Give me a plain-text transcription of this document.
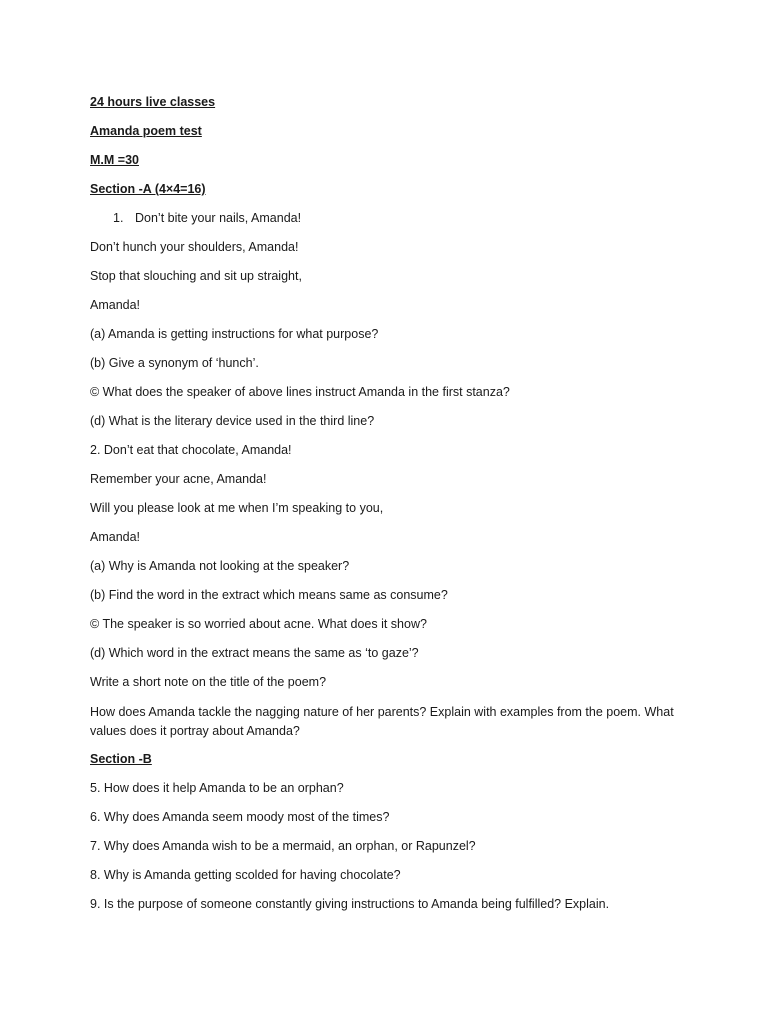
24 hours live classes
Amanda poem test
M.M =30
Section -A (4×4=16)
1. Don’t bite your nails, Amanda!
Don’t hunch your shoulders, Amanda!
Stop that slouching and sit up straight,
Amanda!
(a) Amanda is getting instructions for what purpose?
(b) Give a synonym of ‘hunch’.
© What does the speaker of above lines instruct Amanda in the first stanza?
(d) What is the literary device used in the third line?
2. Don’t eat that chocolate, Amanda!
Remember your acne, Amanda!
Will you please look at me when I’m speaking to you,
Amanda!
(a) Why is Amanda not looking at the speaker?
(b) Find the word in the extract which means same as consume?
© The speaker is so worried about acne. What does it show?
(d) Which word in the extract means the same as ‘to gaze’?
Write a short note on the title of the poem?
How does Amanda tackle the nagging nature of her parents? Explain with examples from the poem. What values does it portray about Amanda?
Section -B
5. How does it help Amanda to be an orphan?
6. Why does Amanda seem moody most of the times?
7. Why does Amanda wish to be a mermaid, an orphan, or Rapunzel?
8. Why is Amanda getting scolded for having chocolate?
9. Is the purpose of someone constantly giving instructions to Amanda being fulfilled? Explain.
